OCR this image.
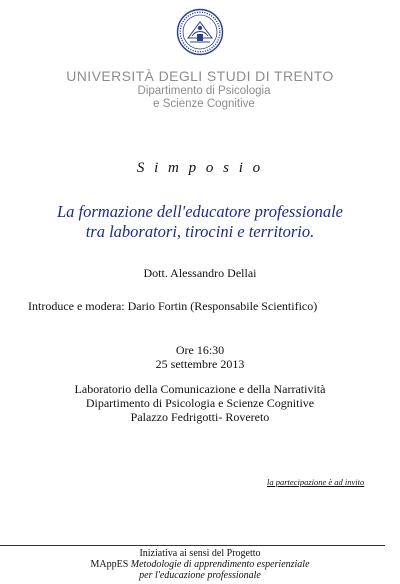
UNIVERSITÀ DEGLI STUDI DI TRENTO
Dipartimento di Psicologia
e Scienze Cognitive
S i m p o s i o
La formazione dell'educatore professionale
tra laboratori, tirocini e territorio.
Dott. Alessandro Dellai
Introduce e modera: Dario Fortin (Responsabile Scientifico)
Ore 16:30
25 settembre 2013
Laboratorio della Comunicazione e della Narratività
Dipartimento di Psicologia e Scienze Cognitive
Palazzo Fedrigotti- Rovereto
la partecipazione è ad invito
Iniziativa ai sensi del Progetto
MAppES Metodologie di apprendimento esperienziale
per l'educazione professionale
